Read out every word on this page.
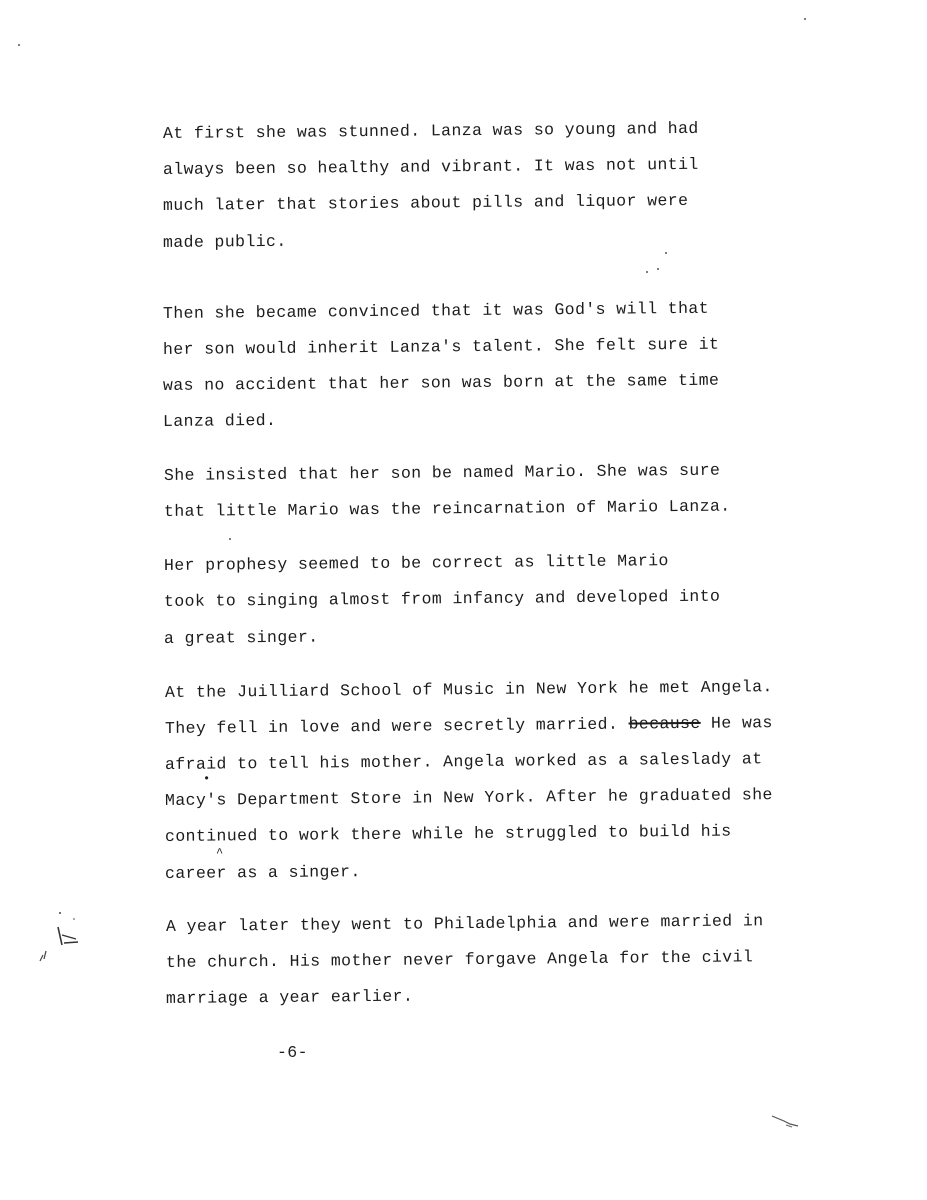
At first she was stunned. Lanza was so young and had
always been so healthy and vibrant. It was not until
much later that stories about pills and liquor were
made public.
Then she became convinced that it was God's will that
her son would inherit Lanza's talent. She felt sure it
was no accident that her son was born at the same time
Lanza died.
She insisted that her son be named Mario. She was sure
that little Mario was the reincarnation of Mario Lanza.
Her prophesy seemed to be correct as little Mario
took to singing almost from infancy and developed into
a great singer.
At the Juilliard School of Music in New York he met Angela.
They fell in love and were secretly married. because He was
afraid to tell his mother. Angela worked as a saleslady at
Macy's Department Store in New York. After he graduated she
continued to work there while he struggled to build his
career as a singer.
A year later they went to Philadelphia and were married in
the church. His mother never forgave Angela for the civil
marriage a year earlier.
-6-
•
^
